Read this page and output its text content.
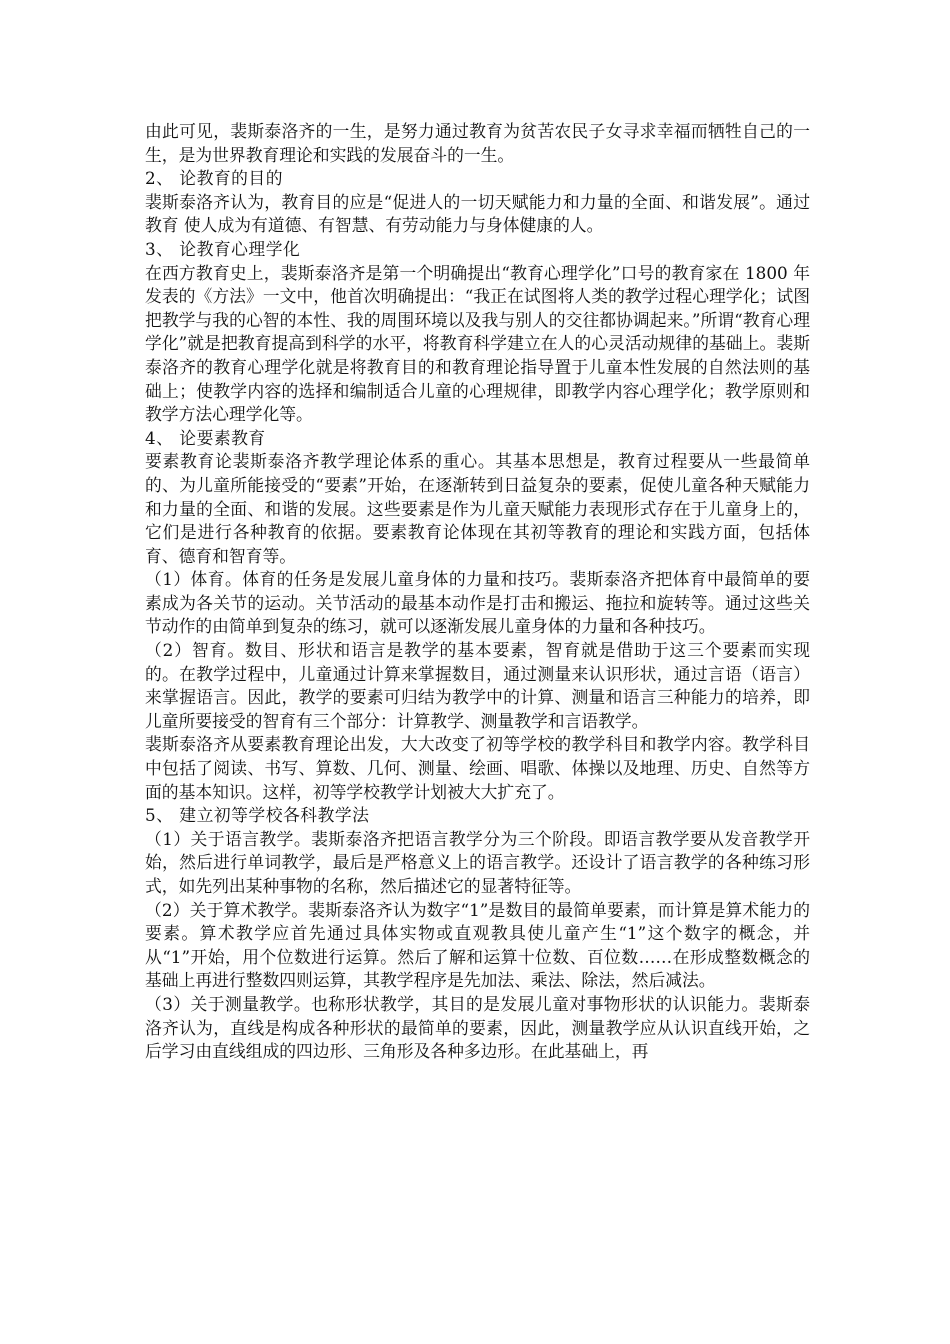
由此可见，裴斯泰洛齐的一生，是努力通过教育为贫苦农民子女寻求幸福而牺牲自己的一生，是为世界教育理论和实践的发展奋斗的一生。

2、 论教育的目的

裴斯泰洛齐认为，教育目的应是“促进人的一切天赋能力和力量的全面、和谐发展”。通过教育 使人成为有道德、有智慧、有劳动能力与身体健康的人。

3、 论教育心理学化

在西方教育史上，裴斯泰洛齐是第一个明确提出“教育心理学化”口号的教育家在 1800 年发表的《方法》一文中，他首次明确提出：“我正在试图将人类的教学过程心理学化；试图把教学与我的心智的本性、我的周围环境以及我与别人的交往都协调起来。”所谓“教育心理学化”就是把教育提高到科学的水平，将教育科学建立在人的心灵活动规律的基础上。裴斯泰洛齐的教育心理学化就是将教育目的和教育理论指导置于儿童本性发展的自然法则的基础上；使教学内容的选择和编制适合儿童的心理规律，即教学内容心理学化；教学原则和教学方法心理学化等。

4、 论要素教育

要素教育论裴斯泰洛齐教学理论体系的重心。其基本思想是，教育过程要从一些最简单的、为儿童所能接受的“要素”开始，在逐渐转到日益复杂的要素，促使儿童各种天赋能力和力量的全面、和谐的发展。这些要素是作为儿童天赋能力表现形式存在于儿童身上的，它们是进行各种教育的依据。要素教育论体现在其初等教育的理论和实践方面，包括体育、德育和智育等。

（1）体育。体育的任务是发展儿童身体的力量和技巧。裴斯泰洛齐把体育中最简单的要素成为各关节的运动。关节活动的最基本动作是打击和搬运、拖拉和旋转等。通过这些关节动作的由简单到复杂的练习，就可以逐渐发展儿童身体的力量和各种技巧。

（2）智育。数目、形状和语言是教学的基本要素，智育就是借助于这三个要素而实现的。在教学过程中，儿童通过计算来掌握数目，通过测量来认识形状，通过言语（语言）来掌握语言。因此，教学的要素可归结为教学中的计算、测量和语言三种能力的培养，即儿童所要接受的智育有三个部分：计算教学、测量教学和言语教学。

裴斯泰洛齐从要素教育理论出发，大大改变了初等学校的教学科目和教学内容。教学科目中包括了阅读、书写、算数、几何、测量、绘画、唱歌、体操以及地理、历史、自然等方面的基本知识。这样，初等学校教学计划被大大扩充了。

5、 建立初等学校各科教学法

（1）关于语言教学。裴斯泰洛齐把语言教学分为三个阶段。即语言教学要从发音教学开始，然后进行单词教学，最后是严格意义上的语言教学。还设计了语言教学的各种练习形式，如先列出某种事物的名称，然后描述它的显著特征等。

（2）关于算术教学。裴斯泰洛齐认为数字“1”是数目的最简单要素，而计算是算术能力的要素。算术教学应首先通过具体实物或直观教具使儿童产生“1”这个数字的概念，并从“1”开始，用个位数进行运算。然后了解和运算十位数、百位数……在形成整数概念的基础上再进行整数四则运算，其教学程序是先加法、乘法、除法，然后减法。

（3）关于测量教学。也称形状教学，其目的是发展儿童对事物形状的认识能力。裴斯泰洛齐认为，直线是构成各种形状的最简单的要素，因此，测量教学应从认识直线开始，之后学习由直线组成的四边形、三角形及各种多边形。在此基础上，再
